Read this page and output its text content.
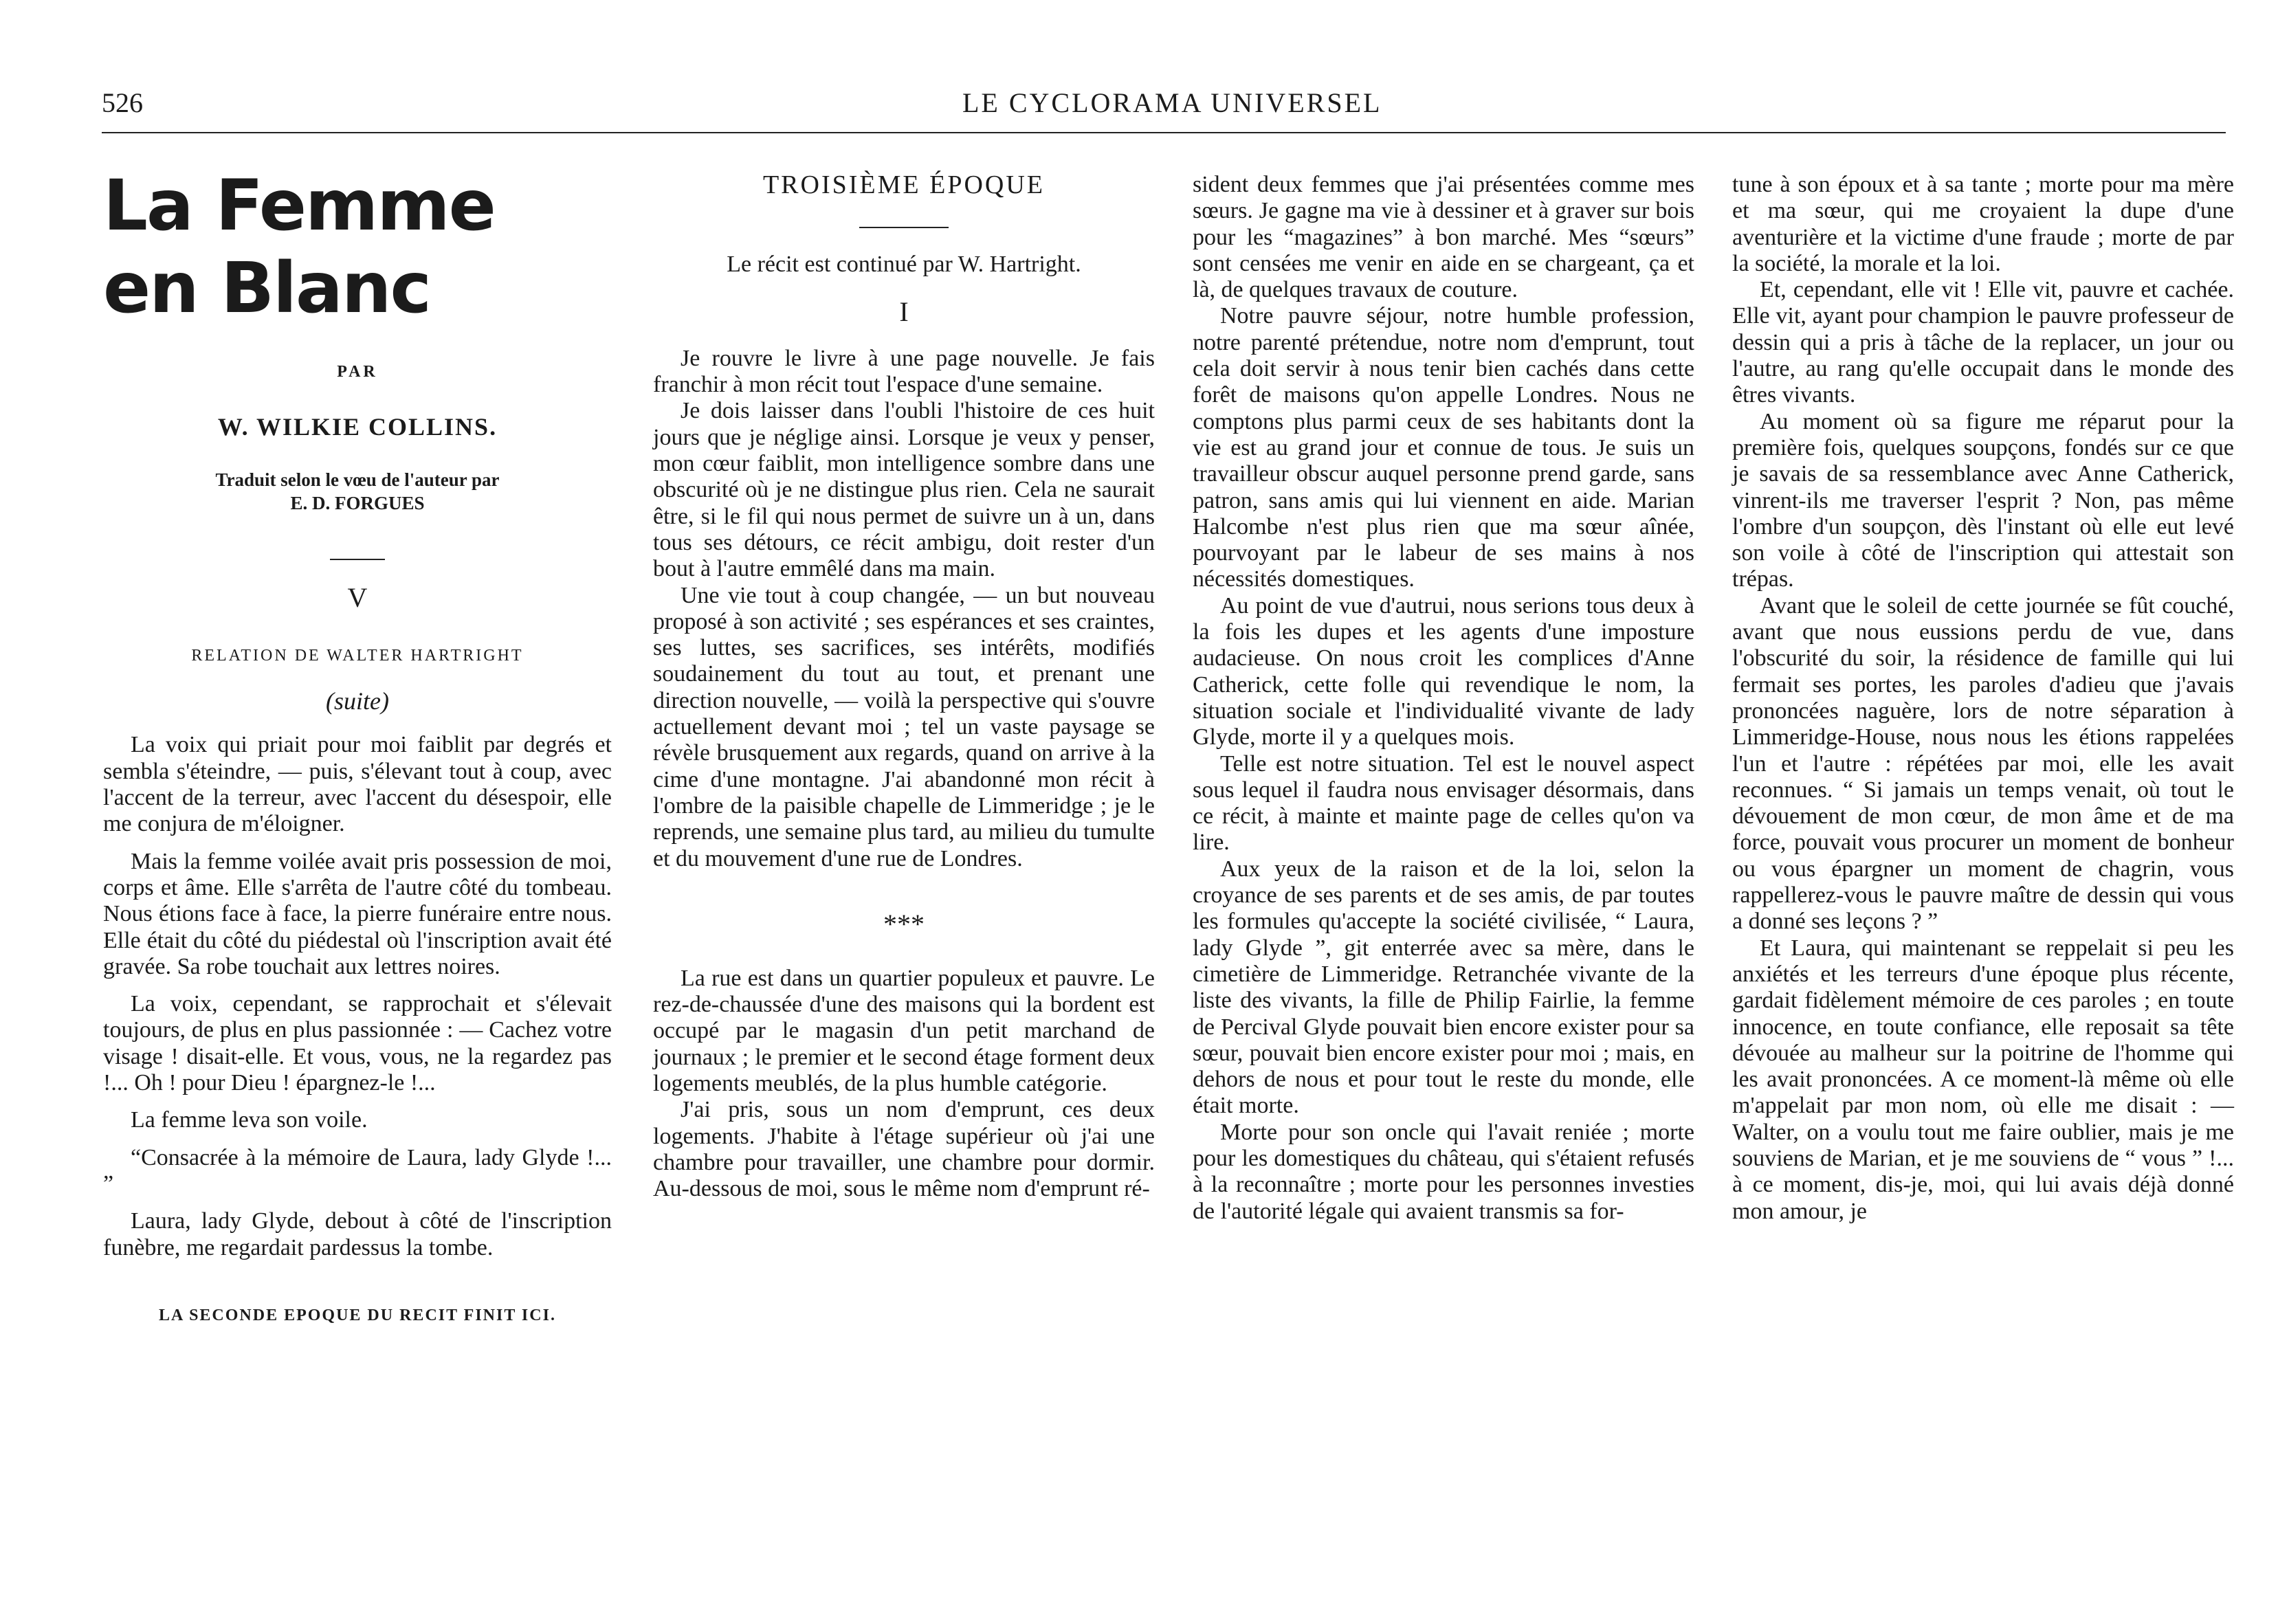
526	LE CYCLORAMA UNIVERSEL
La Femme en Blanc
PAR
W. WILKIE COLLINS.
Traduit selon le vœu de l'auteur par
E. D. FORGUES
V
RELATION DE WALTER HARTRIGHT
(suite)

La voix qui priait pour moi faiblit par degrés et sembla s'éteindre, — puis, s'élevant tout à coup, avec l'accent de la terreur, avec l'accent du désespoir, elle me conjura de m'éloigner.

Mais la femme voilée avait pris possession de moi, corps et âme. Elle s'arrêta de l'autre côté du tombeau. Nous étions face à face, la pierre funéraire entre nous. Elle était du côté du piédestal où l'inscription avait été gravée. Sa robe touchait aux lettres noires.

La voix, cependant, se rapprochait et s'élevait toujours, de plus en plus passionnée : — Cachez votre visage ! disait-elle. Et vous, vous, ne la regardez pas !... Oh ! pour Dieu ! épargnez-le !...

La femme leva son voile.

“Consacrée à la mémoire de Laura, lady Glyde !... ”

Laura, lady Glyde, debout à côté de l'inscription funèbre, me regardait pardessus la tombe.

LA SECONDE EPOQUE DU RECIT FINIT ICI.
TROISIÈME ÉPOQUE
Le récit est continué par W. Hartright.
I

Je rouvre le livre à une page nouvelle. Je fais franchir à mon récit tout l'espace d'une semaine.

Je dois laisser dans l'oubli l'histoire de ces huit jours que je néglige ainsi. Lorsque je veux y penser, mon cœur faiblit, mon intelligence sombre dans une obscurité où je ne distingue plus rien. Cela ne saurait être, si le fil qui nous permet de suivre un à un, dans tous ses détours, ce récit ambigu, doit rester d'un bout à l'autre emmêlé dans ma main.

Une vie tout à coup changée, — un but nouveau proposé à son activité ; ses espérances et ses craintes, ses luttes, ses sacrifices, ses intérêts, modifiés soudainement du tout au tout, et prenant une direction nouvelle, — voilà la perspective qui s'ouvre actuellement devant moi ; tel un vaste paysage se révèle brusquement aux regards, quand on arrive à la cime d'une montagne. J'ai abandonné mon récit à l'ombre de la paisible chapelle de Limmeridge ; je le reprends, une semaine plus tard, au milieu du tumulte et du mouvement d'une rue de Londres.

***

La rue est dans un quartier populeux et pauvre. Le rez-de-chaussée d'une des maisons qui la bordent est occupé par le magasin d'un petit marchand de journaux ; le premier et le second étage forment deux logements meublés, de la plus humble catégorie.

J'ai pris, sous un nom d'emprunt, ces deux logements. J'habite à l'étage supérieur où j'ai une chambre pour travailler, une chambre pour dormir. Au-dessous de moi, sous le même nom d'emprunt ré-

sident deux femmes que j'ai présentées comme mes sœurs. Je gagne ma vie à dessiner et à graver sur bois pour les “magazines” à bon marché. Mes “sœurs” sont censées me venir en aide en se chargeant, ça et là, de quelques travaux de couture.

Notre pauvre séjour, notre humble profession, notre parenté prétendue, notre nom d'emprunt, tout cela doit servir à nous tenir bien cachés dans cette forêt de maisons qu'on appelle Londres. Nous ne comptons plus parmi ceux de ses habitants dont la vie est au grand jour et connue de tous. Je suis un travailleur obscur auquel personne prend garde, sans patron, sans amis qui lui viennent en aide. Marian Halcombe n'est plus rien que ma sœur aînée, pourvoyant par le labeur de ses mains à nos nécessités domestiques.

Au point de vue d'autrui, nous serions tous deux à la fois les dupes et les agents d'une imposture audacieuse. On nous croit les complices d'Anne Catherick, cette folle qui revendique le nom, la situation sociale et l'individualité vivante de lady Glyde, morte il y a quelques mois.

Telle est notre situation. Tel est le nouvel aspect sous lequel il faudra nous envisager désormais, dans ce récit, à mainte et mainte page de celles qu'on va lire.

Aux yeux de la raison et de la loi, selon la croyance de ses parents et de ses amis, de par toutes les formules qu'accepte la société civilisée, “ Laura, lady Glyde ”, git enterrée avec sa mère, dans le cimetière de Limmeridge. Retranchée vivante de la liste des vivants, la fille de Philip Fairlie, la femme de Percival Glyde pouvait bien encore exister pour sa sœur, pouvait bien encore exister pour moi ; mais, en dehors de nous et pour tout le reste du monde, elle était morte.

Morte pour son oncle qui l'avait reniée ; morte pour les domestiques du château, qui s'étaient refusés à la reconnaître ; morte pour les personnes investies de l'autorité légale qui avaient transmis sa for-

tune à son époux et à sa tante ; morte pour ma mère et ma sœur, qui me croyaient la dupe d'une aventurière et la victime d'une fraude ; morte de par la société, la morale et la loi.

Et, cependant, elle vit ! Elle vit, pauvre et cachée. Elle vit, ayant pour champion le pauvre professeur de dessin qui a pris à tâche de la replacer, un jour ou l'autre, au rang qu'elle occupait dans le monde des êtres vivants.

Au moment où sa figure me réparut pour la première fois, quelques soupçons, fondés sur ce que je savais de sa ressemblance avec Anne Catherick, vinrent-ils me traverser l'esprit ? Non, pas même l'ombre d'un soupçon, dès l'instant où elle eut levé son voile à côté de l'inscription qui attestait son trépas.

Avant que le soleil de cette journée se fût couché, avant que nous eussions perdu de vue, dans l'obscurité du soir, la résidence de famille qui lui fermait ses portes, les paroles d'adieu que j'avais prononcées naguère, lors de notre séparation à Limmeridge-House, nous nous les étions rappelées l'un et l'autre : répétées par moi, elle les avait reconnues. “ Si jamais un temps venait, où tout le dévouement de mon cœur, de mon âme et de ma force, pouvait vous procurer un moment de bonheur ou vous épargner un moment de chagrin, vous rappellerez-vous le pauvre maître de dessin qui vous a donné ses leçons ? ”

Et Laura, qui maintenant se reppelait si peu les anxiétés et les terreurs d'une époque plus récente, gardait fidèlement mémoire de ces paroles ; en toute innocence, en toute confiance, elle reposait sa tête dévouée au malheur sur la poitrine de l'homme qui les avait prononcées. A ce moment-là même où elle m'appelait par mon nom, où elle me disait : — Walter, on a voulu tout me faire oublier, mais je me souviens de Marian, et je me souviens de “ vous ” !... à ce moment, dis-je, moi, qui lui avais déjà donné mon amour, je
